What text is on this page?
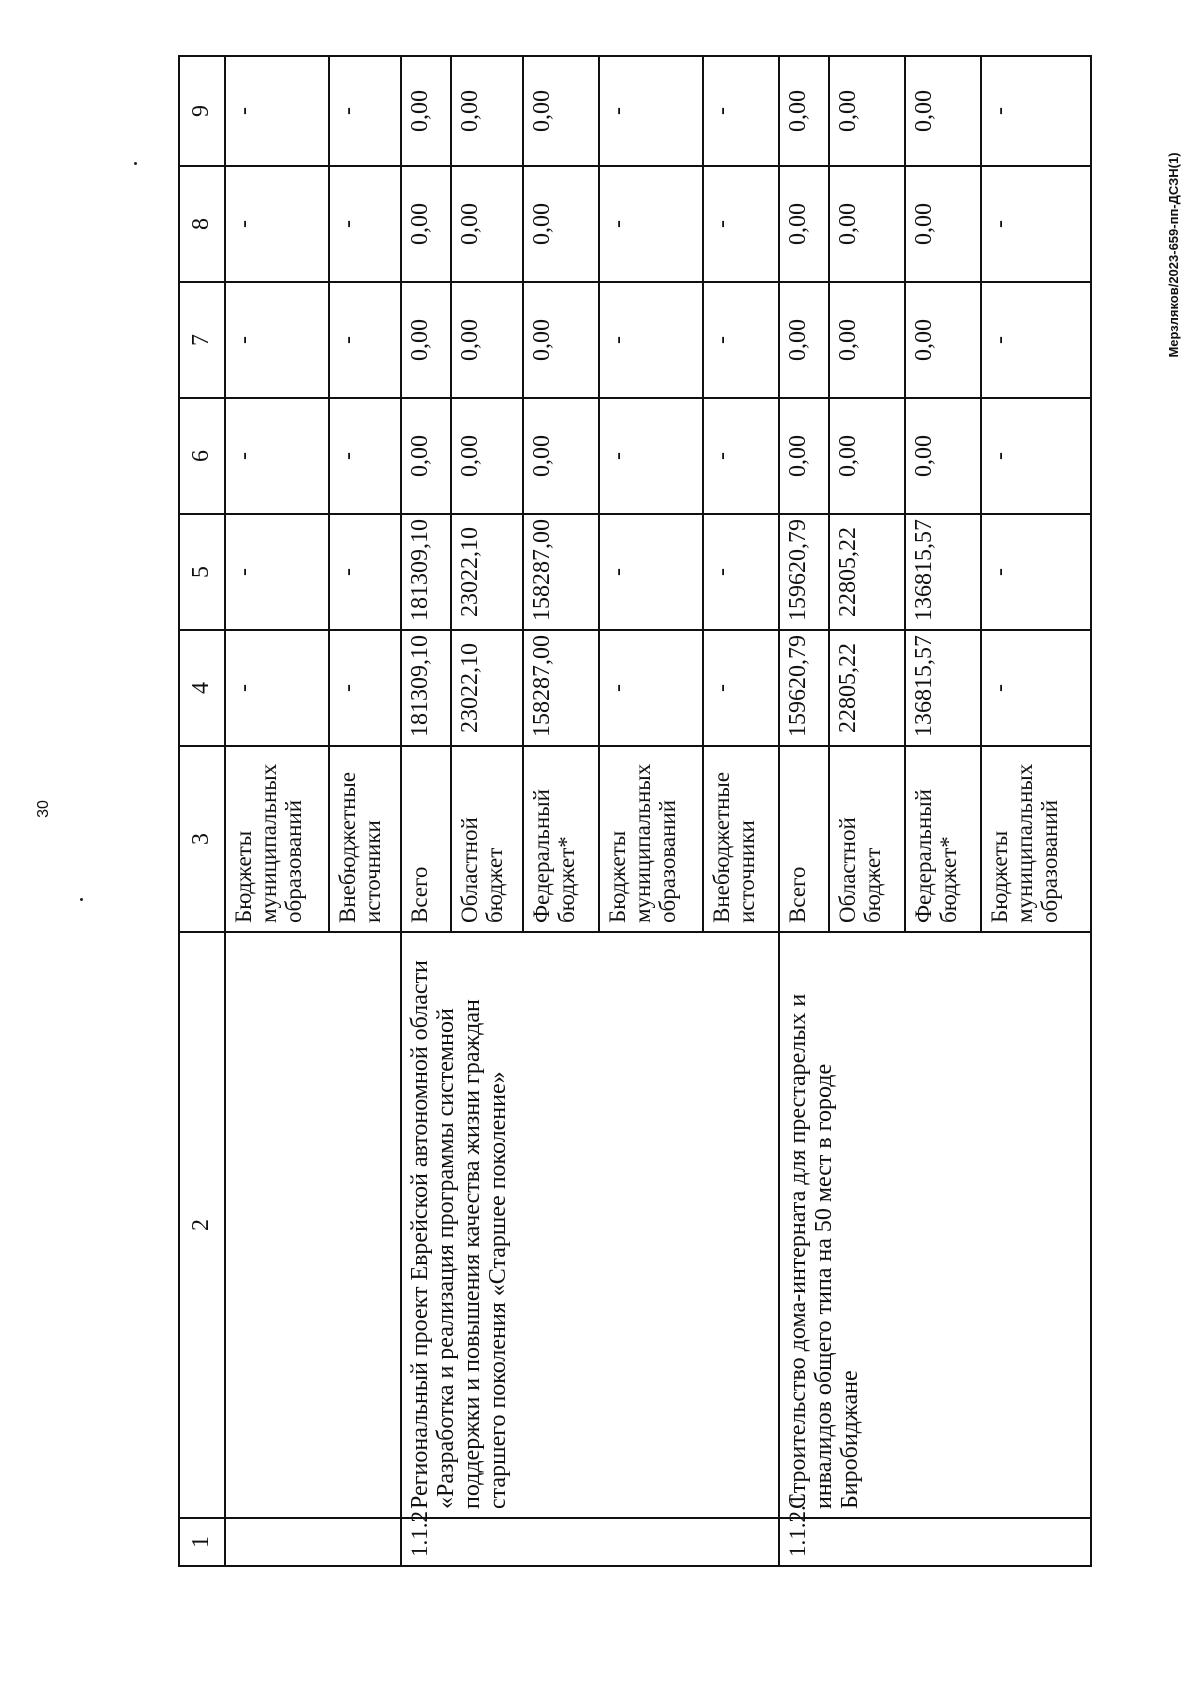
30
Мерзляков/2023-659-пп-ДСЗН(1)
1	2	3	4	5	6	7	8	9
		Бюджеты муниципальных образований	-	-	-	-	-	-
		Внебюджетные источники	-	-	-	-	-	-
1.1.2	Региональный проект Еврейской автономной области «Разработка и реализация программы системной поддержки и повышения качества жизни граждан старшего поколения «Старшее поколение»	Всего	181309,10	181309,10	0,00	0,00	0,00	0,00
		Областной бюджет	23022,10	23022,10	0,00	0,00	0,00	0,00
		Федеральный бюджет*	158287,00	158287,00	0,00	0,00	0,00	0,00
		Бюджеты муниципальных образований	-	-	-	-	-	-
		Внебюджетные источники	-	-	-	-	-	-
1.1.2.1	Строительство дома-интерната для престарелых и инвалидов общего типа на 50 мест в городе Биробиджане	Всего	159620,79	159620,79	0,00	0,00	0,00	0,00
		Областной бюджет	22805,22	22805,22	0,00	0,00	0,00	0,00
		Федеральный бюджет*	136815,57	136815,57	0,00	0,00	0,00	0,00
		Бюджеты муниципальных образований	-	-	-	-	-	-
